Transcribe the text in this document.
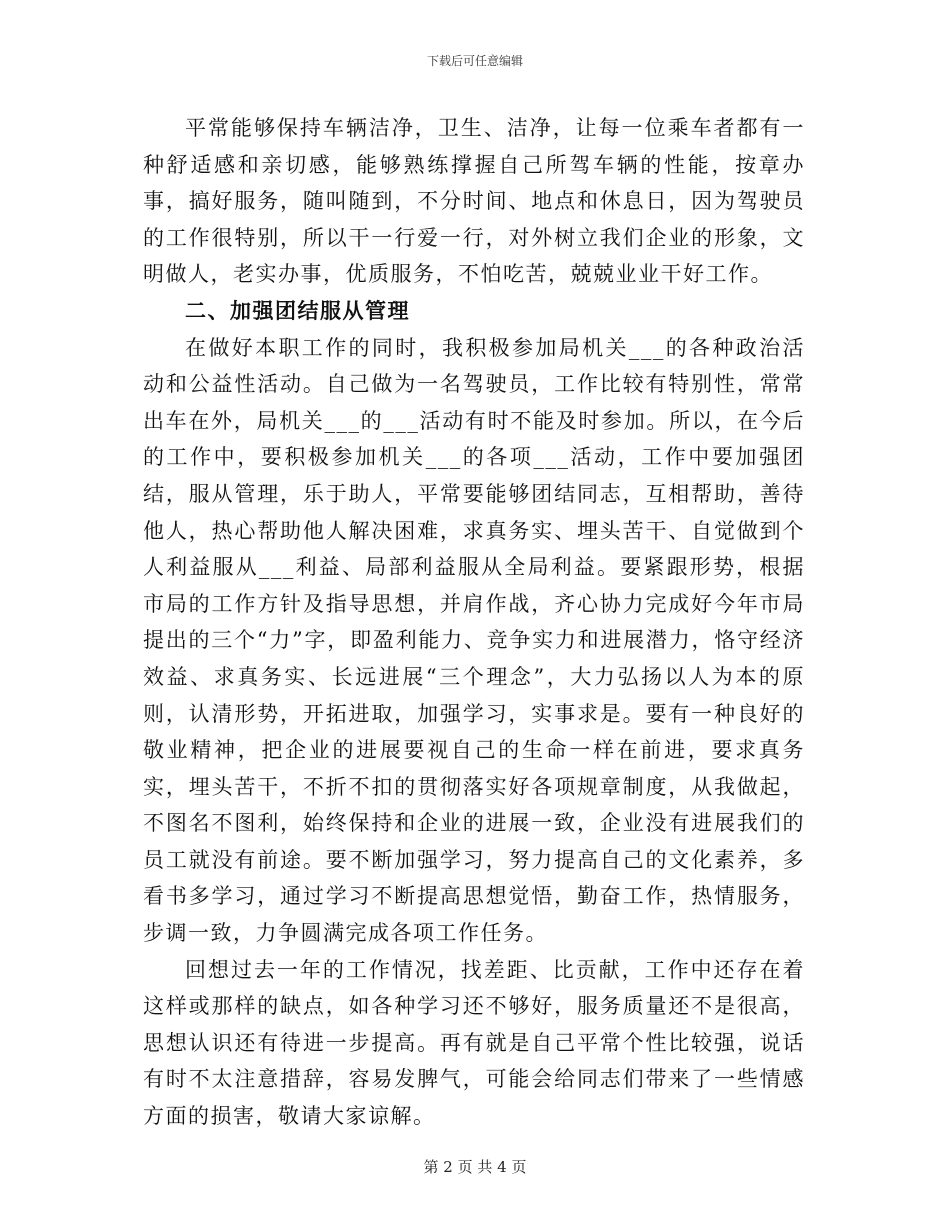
下载后可任意编辑

平常能够保持车辆洁净，卫生、洁净，让每一位乘车者都有一种舒适感和亲切感，能够熟练撑握自己所驾车辆的性能，按章办事，搞好服务，随叫随到，不分时间、地点和休息日，因为驾驶员的工作很特别，所以干一行爱一行，对外树立我们企业的形象，文明做人，老实办事，优质服务，不怕吃苦，兢兢业业干好工作。

二、加强团结服从管理

在做好本职工作的同时，我积极参加局机关___的各种政治活动和公益性活动。自己做为一名驾驶员，工作比较有特别性，常常出车在外，局机关___的___活动有时不能及时参加。所以，在今后的工作中，要积极参加机关___的各项___活动，工作中要加强团结，服从管理，乐于助人，平常要能够团结同志，互相帮助，善待他人，热心帮助他人解决困难，求真务实、埋头苦干、自觉做到个人利益服从___利益、局部利益服从全局利益。要紧跟形势，根据市局的工作方针及指导思想，并肩作战，齐心协力完成好今年市局提出的三个“力”字，即盈利能力、竞争实力和进展潜力，恪守经济效益、求真务实、长远进展“三个理念”，大力弘扬以人为本的原则，认清形势，开拓进取，加强学习，实事求是。要有一种良好的敬业精神，把企业的进展要视自己的生命一样在前进，要求真务实，埋头苦干，不折不扣的贯彻落实好各项规章制度，从我做起，不图名不图利，始终保持和企业的进展一致，企业没有进展我们的员工就没有前途。要不断加强学习，努力提高自己的文化素养，多看书多学习，通过学习不断提高思想觉悟，勤奋工作，热情服务，步调一致，力争圆满完成各项工作任务。

回想过去一年的工作情况，找差距、比贡献，工作中还存在着这样或那样的缺点，如各种学习还不够好，服务质量还不是很高，思想认识还有待进一步提高。再有就是自己平常个性比较强，说话有时不太注意措辞，容易发脾气，可能会给同志们带来了一些情感方面的损害，敬请大家谅解。

第 2 页 共 4 页
